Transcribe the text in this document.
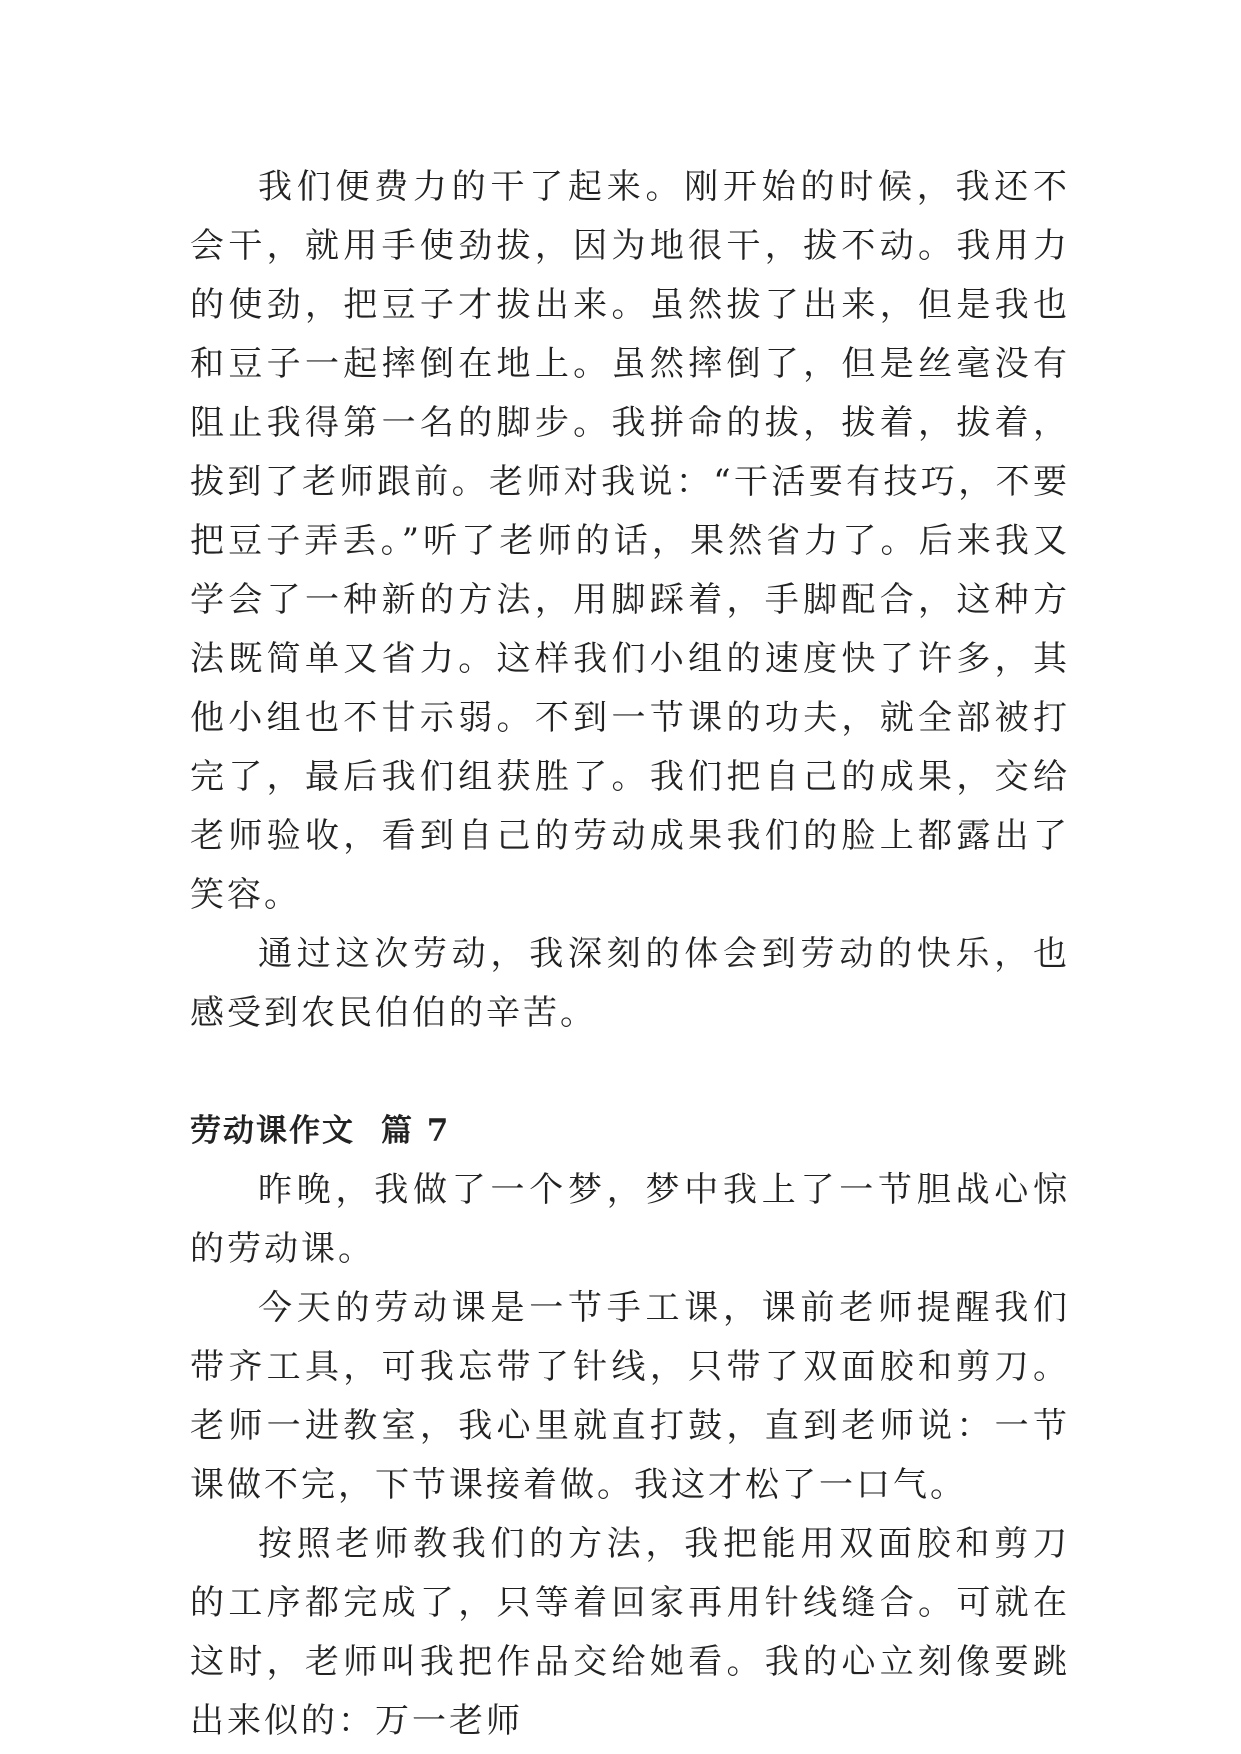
我们便费力的干了起来。刚开始的时候，我还不会干，就用手使劲拔，因为地很干，拔不动。我用力的使劲，把豆子才拔出来。虽然拔了出来，但是我也和豆子一起摔倒在地上。虽然摔倒了，但是丝毫没有阻止我得第一名的脚步。我拼命的拔，拔着，拔着，拔到了老师跟前。老师对我说：“干活要有技巧，不要把豆子弄丢。”听了老师的话，果然省力了。后来我又学会了一种新的方法，用脚踩着，手脚配合，这种方法既简单又省力。这样我们小组的速度快了许多，其他小组也不甘示弱。不到一节课的功夫，就全部被打完了，最后我们组获胜了。我们把自己的成果，交给老师验收，看到自己的劳动成果我们的脸上都露出了笑容。

通过这次劳动，我深刻的体会到劳动的快乐，也感受到农民伯伯的辛苦。

劳动课作文 篇 7

昨晚，我做了一个梦，梦中我上了一节胆战心惊的劳动课。

今天的劳动课是一节手工课，课前老师提醒我们带齐工具，可我忘带了针线，只带了双面胶和剪刀。老师一进教室，我心里就直打鼓，直到老师说：一节课做不完，下节课接着做。我这才松了一口气。

按照老师教我们的方法，我把能用双面胶和剪刀的工序都完成了，只等着回家再用针线缝合。可就在这时，老师叫我把作品交给她看。我的心立刻像要跳出来似的：万一老师
